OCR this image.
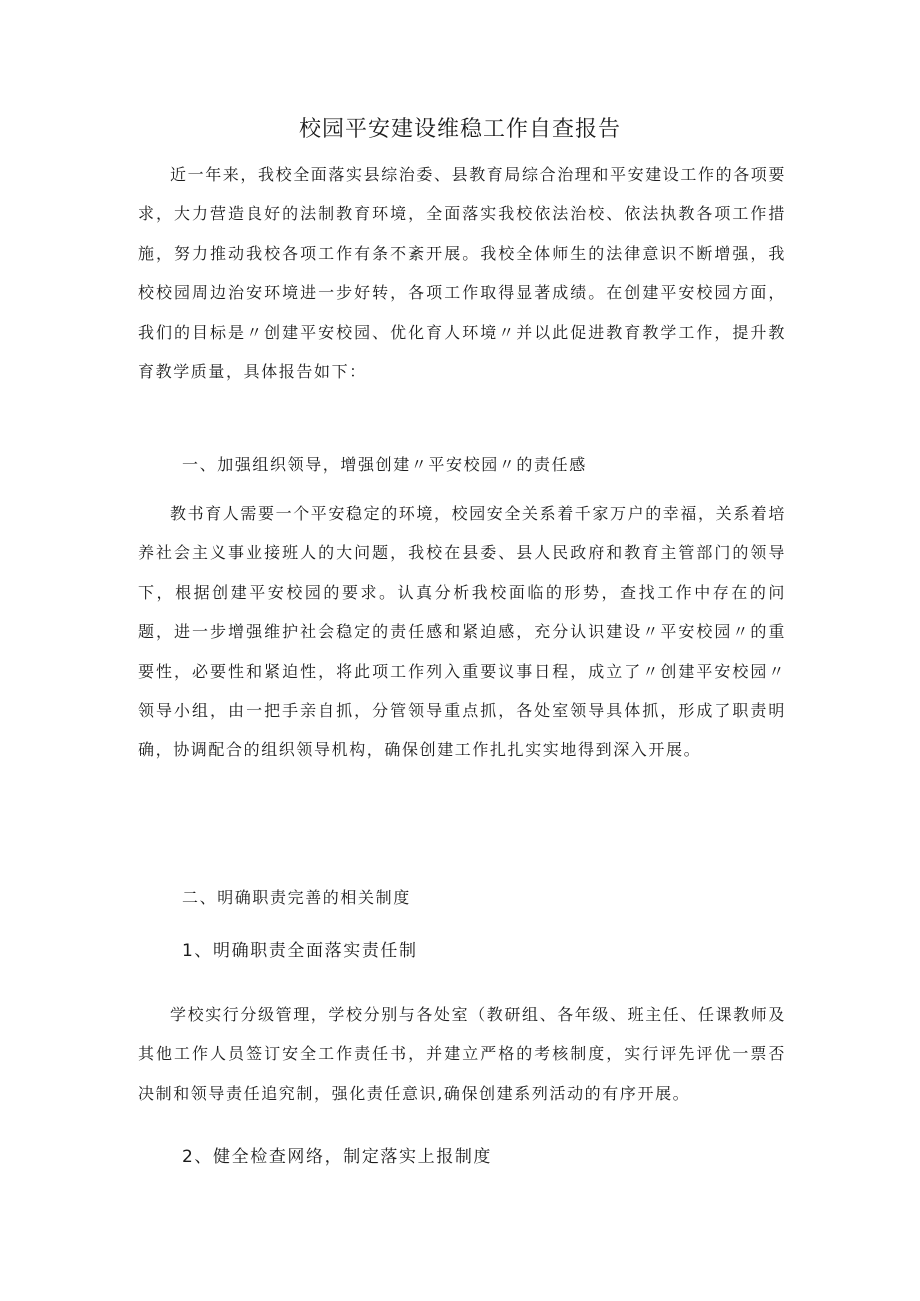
校园平安建设维稳工作自查报告

近一年来，我校全面落实县综治委、县教育局综合治理和平安建设工作的各项要求，大力营造良好的法制教育环境，全面落实我校依法治校、依法执教各项工作措施，努力推动我校各项工作有条不紊开展。我校全体师生的法律意识不断增强，我校校园周边治安环境进一步好转，各项工作取得显著成绩。在创建平安校园方面，我们的目标是〃创建平安校园、优化育人环境〃并以此促进教育教学工作，提升教育教学质量，具体报告如下：

一、加强组织领导，增强创建〃平安校园〃的责任感

教书育人需要一个平安稳定的环境，校园安全关系着千家万户的幸福，关系着培养社会主义事业接班人的大问题，我校在县委、县人民政府和教育主管部门的领导下，根据创建平安校园的要求。认真分析我校面临的形势，查找工作中存在的问题，进一步增强维护社会稳定的责任感和紧迫感，充分认识建设〃平安校园〃的重要性，必要性和紧迫性，将此项工作列入重要议事日程，成立了〃创建平安校园〃领导小组，由一把手亲自抓，分管领导重点抓，各处室领导具体抓，形成了职责明确，协调配合的组织领导机构，确保创建工作扎扎实实地得到深入开展。

二、明确职责完善的相关制度

1、明确职责全面落实责任制

学校实行分级管理，学校分别与各处室（教研组、各年级、班主任、任课教师及其他工作人员签订安全工作责任书，并建立严格的考核制度，实行评先评优一票否决制和领导责任追究制，强化责任意识,确保创建系列活动的有序开展。

2、健全检查网络，制定落实上报制度
